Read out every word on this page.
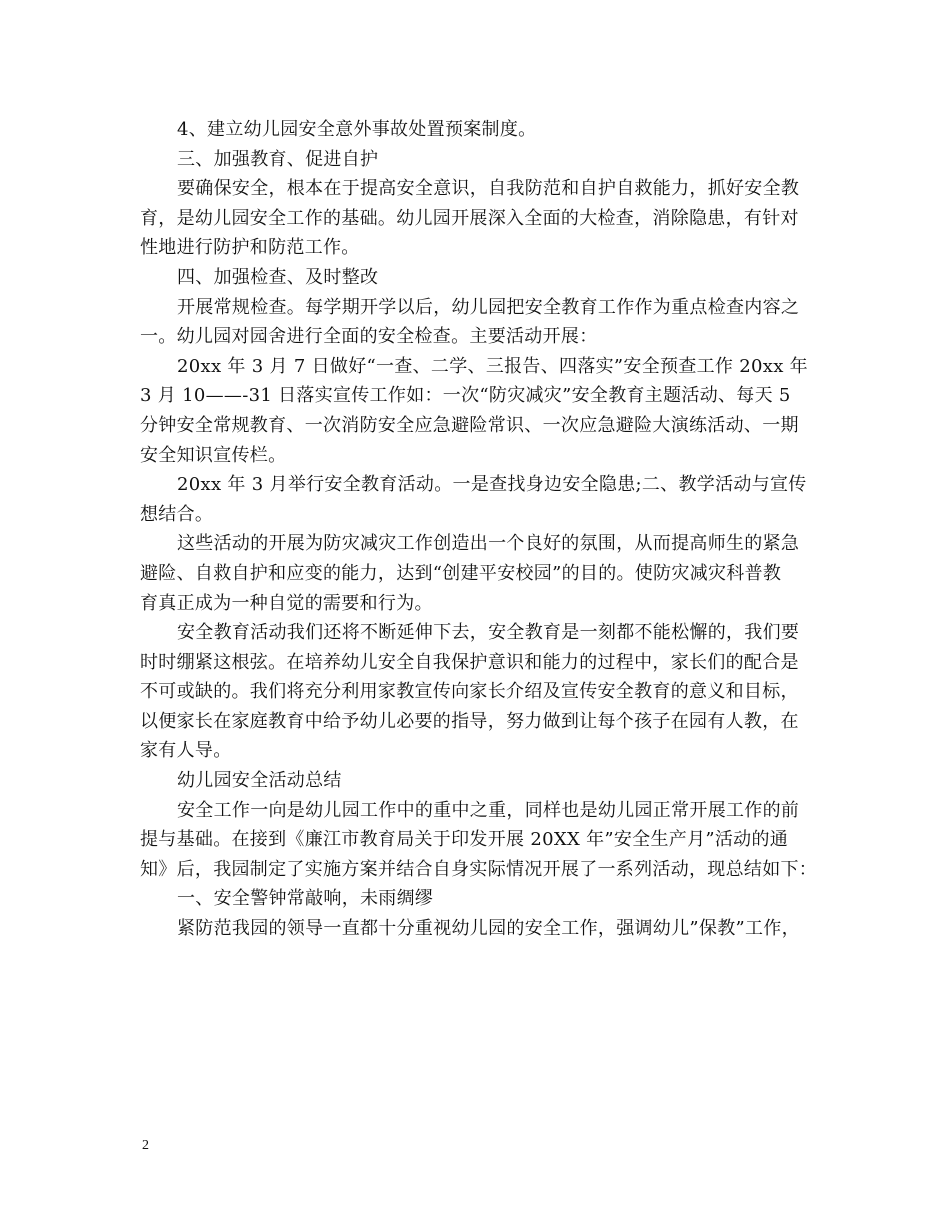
4、建立幼儿园安全意外事故处置预案制度。
三、加强教育、促进自护
要确保安全，根本在于提高安全意识，自我防范和自护自救能力，抓好安全教
育，是幼儿园安全工作的基础。幼儿园开展深入全面的大检查，消除隐患，有针对
性地进行防护和防范工作。
四、加强检查、及时整改
开展常规检查。每学期开学以后，幼儿园把安全教育工作作为重点检查内容之
一。幼儿园对园舍进行全面的安全检查。主要活动开展：
20xx 年 3 月 7 日做好“一查、二学、三报告、四落实”安全预查工作 20xx 年
3 月 10——-31 日落实宣传工作如：一次“防灾减灾”安全教育主题活动、每天 5
分钟安全常规教育、一次消防安全应急避险常识、一次应急避险大演练活动、一期
安全知识宣传栏。
20xx 年 3 月举行安全教育活动。一是查找身边安全隐患;二、教学活动与宣传
想结合。
这些活动的开展为防灾减灾工作创造出一个良好的氛围，从而提高师生的紧急
避险、自救自护和应变的能力，达到“创建平安校园”的目的。使防灾减灾科普教
育真正成为一种自觉的需要和行为。
安全教育活动我们还将不断延伸下去，安全教育是一刻都不能松懈的，我们要
时时绷紧这根弦。在培养幼儿安全自我保护意识和能力的过程中，家长们的配合是
不可或缺的。我们将充分利用家教宣传向家长介绍及宣传安全教育的意义和目标，
以便家长在家庭教育中给予幼儿必要的指导，努力做到让每个孩子在园有人教，在
家有人导。
幼儿园安全活动总结
安全工作一向是幼儿园工作中的重中之重，同样也是幼儿园正常开展工作的前
提与基础。在接到《廉江市教育局关于印发开展 20XX 年”安全生产月”活动的通
知》后，我园制定了实施方案并结合自身实际情况开展了一系列活动，现总结如下：
一、安全警钟常敲响，未雨绸缪
紧防范我园的领导一直都十分重视幼儿园的安全工作，强调幼儿”保教”工作，
2
